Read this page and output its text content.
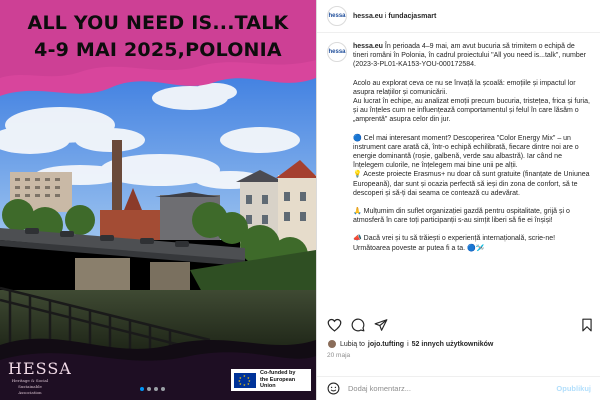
ALL YOU NEED IS...TALK
4-9 MAI 2025,POLONIA
HESSA
Heritage & Social Sustainable Association
★ ★
★
★
★
★
★
★
Co-funded by
the European Union
hessa hessa.eu i fundacjasmart
hessa

hessa.eu În perioada 4–9 mai, am avut bucuria să trimitem o echipă de tineri români în Polonia, în cadrul proiectului "All you need is...talk", number (2023-3-PL01-KA153-YOU-000172584.

Acolo au explorat ceva ce nu se învață la școală: emoțiile și impactul lor asupra relațiilor și comunicării.
Au lucrat în echipe, au analizat emoții precum bucuria, tristețea, frica și furia, și au înțeles cum ne influențează comportamentul și felul în care lăsăm o „amprentă" asupra celor din jur.

🔵 Cel mai interesant moment? Descoperirea "Color Energy Mix" – un instrument care arată că, într-o echipă echilibrată, fiecare dintre noi are o energie dominantă (roșie, galbenă, verde sau albastră). Iar când ne înțelegem culorile, ne înțelegem mai bine unii pe alții.
💡 Aceste proiecte Erasmus+ nu doar că sunt gratuite (finanțate de Uniunea Europeană), dar sunt și ocazia perfectă să ieși din zona de confort, să te descoperi și să-ți dai seama ce contează cu adevărat.

🙏 Mulțumim din suflet organizației gazdă pentru ospitalitate, grijă și o atmosferă în care toți participanții s-au simțit liberi să fie ei înșiși!

📣 Dacă vrei și tu să trăiești o experiență internațională, scrie-ne! Următoarea poveste ar putea fi a ta. 🔵🛩️

Lubią to jojo.tufting i 52 innych użytkowników
20 maja
Dodaj komentarz...
Opublikuj
